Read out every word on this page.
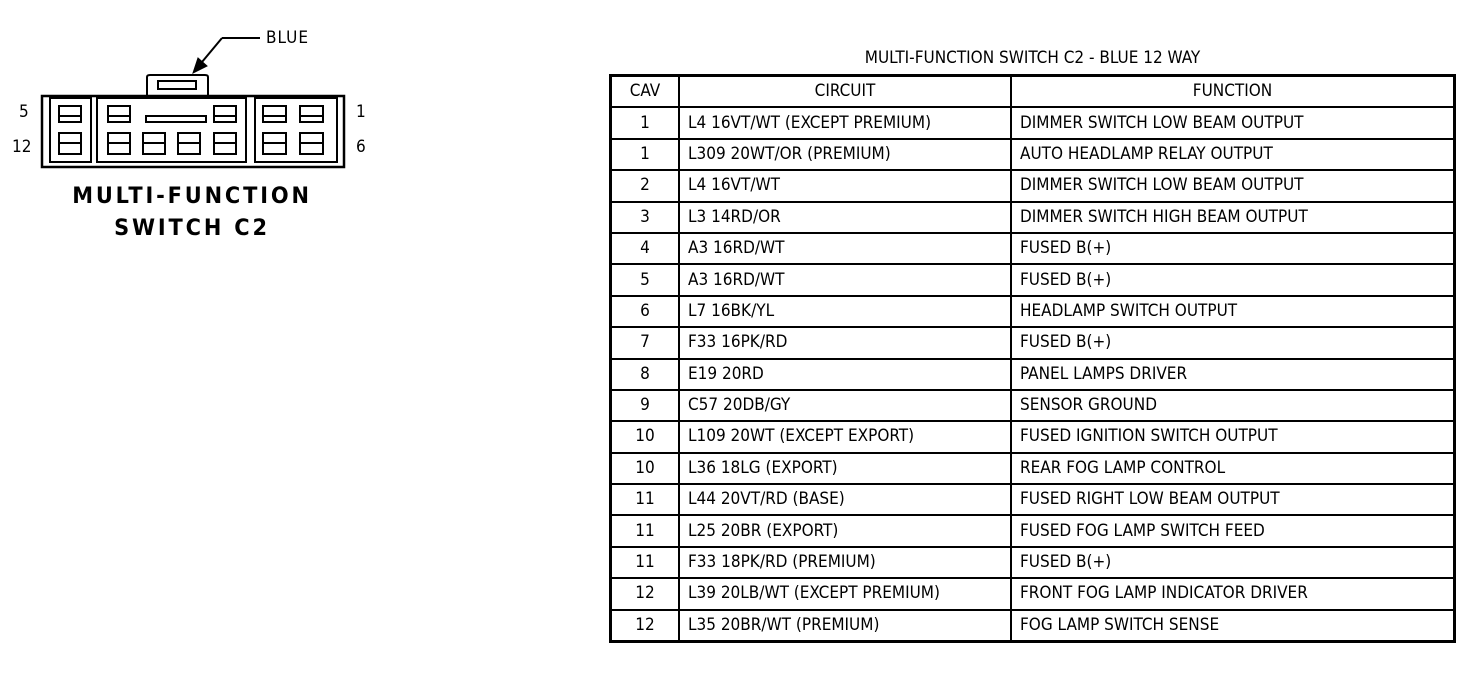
BLUE
5
12
1
6
MULTI-FUNCTION
SWITCH C2
MULTI-FUNCTION SWITCH C2 - BLUE 12 WAY
CAV	CIRCUIT	FUNCTION
1	L4 16VT/WT (EXCEPT PREMIUM)	DIMMER SWITCH LOW BEAM OUTPUT
1	L309 20WT/OR (PREMIUM)	AUTO HEADLAMP RELAY OUTPUT
2	L4 16VT/WT	DIMMER SWITCH LOW BEAM OUTPUT
3	L3 14RD/OR	DIMMER SWITCH HIGH BEAM OUTPUT
4	A3 16RD/WT	FUSED B(+)
5	A3 16RD/WT	FUSED B(+)
6	L7 16BK/YL	HEADLAMP SWITCH OUTPUT
7	F33 16PK/RD	FUSED B(+)
8	E19 20RD	PANEL LAMPS DRIVER
9	C57 20DB/GY	SENSOR GROUND
10	L109 20WT (EXCEPT EXPORT)	FUSED IGNITION SWITCH OUTPUT
10	L36 18LG (EXPORT)	REAR FOG LAMP CONTROL
11	L44 20VT/RD (BASE)	FUSED RIGHT LOW BEAM OUTPUT
11	L25 20BR (EXPORT)	FUSED FOG LAMP SWITCH FEED
11	F33 18PK/RD (PREMIUM)	FUSED B(+)
12	L39 20LB/WT (EXCEPT PREMIUM)	FRONT FOG LAMP INDICATOR DRIVER
12	L35 20BR/WT (PREMIUM)	FOG LAMP SWITCH SENSE
